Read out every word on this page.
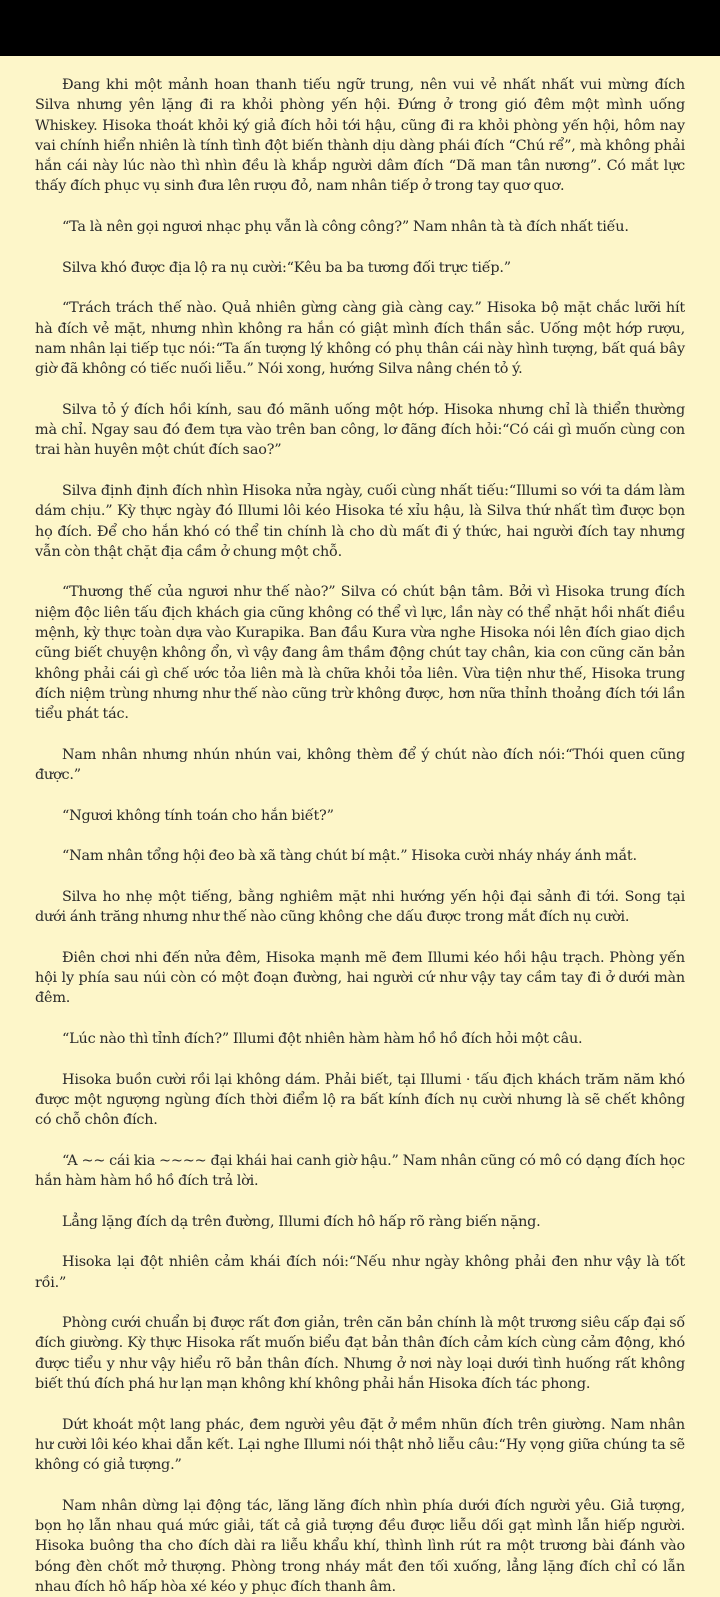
Đang khi một mảnh hoan thanh tiếu ngữ trung, nên vui vẻ nhất nhất vui mừng đích Silva nhưng yên lặng đi ra khỏi phòng yến hội. Đứng ở trong gió đêm một mình uống Whiskey. Hisoka thoát khỏi ký giả đích hỏi tới hậu, cũng đi ra khỏi phòng yến hội, hôm nay vai chính hiển nhiên là tính tình đột biến thành dịu dàng phái đích “Chú rể”, mà không phải hắn cái này lúc nào thì nhìn đều là khắp người dâm đích “Dã man tân nương”. Có mắt lực thấy đích phục vụ sinh đưa lên rượu đỏ, nam nhân tiếp ở trong tay quơ quơ.

“Ta là nên gọi ngươi nhạc phụ vẫn là công công?” Nam nhân tà tà đích nhất tiếu.

Silva khó được địa lộ ra nụ cười:“Kêu ba ba tương đối trực tiếp.”

“Trách trách thế nào. Quả nhiên gừng càng già càng cay.” Hisoka bộ mặt chắc lưỡi hít hà đích vẻ mặt, nhưng nhìn không ra hắn có giật mình đích thần sắc. Uống một hớp rượu, nam nhân lại tiếp tục nói:“Ta ấn tượng lý không có phụ thân cái này hình tượng, bất quá bây giờ đã không có tiếc nuối liễu.” Nói xong, hướng Silva nâng chén tỏ ý.

Silva tỏ ý đích hồi kính, sau đó mãnh uống một hớp. Hisoka nhưng chỉ là thiển thường mà chỉ. Ngay sau đó đem tựa vào trên ban công, lơ đãng đích hỏi:“Có cái gì muốn cùng con trai hàn huyên một chút đích sao?”

Silva định định đích nhìn Hisoka nửa ngày, cuối cùng nhất tiếu:“Illumi so với ta dám làm dám chịu.” Kỳ thực ngày đó Illumi lôi kéo Hisoka té xỉu hậu, là Silva thứ nhất tìm được bọn họ đích. Để cho hắn khó có thể tin chính là cho dù mất đi ý thức, hai người đích tay nhưng vẫn còn thật chặt địa cầm ở chung một chỗ.

“Thương thế của ngươi như thế nào?” Silva có chút bận tâm. Bởi vì Hisoka trung đích niệm độc liên tấu địch khách gia cũng không có thể vì lực, lần này có thể nhặt hồi nhất điều mệnh, kỳ thực toàn dựa vào Kurapika. Ban đầu Kura vừa nghe Hisoka nói lên đích giao dịch cũng biết chuyện không ổn, vì vậy đang âm thầm động chút tay chân, kia con cũng căn bản không phải cái gì chế ước tỏa liên mà là chữa khỏi tỏa liên. Vừa tiện như thế, Hisoka trung đích niệm trùng nhưng như thế nào cũng trừ không được, hơn nữa thỉnh thoảng đích tới lần tiểu phát tác.

Nam nhân nhưng nhún nhún vai, không thèm để ý chút nào đích nói:“Thói quen cũng được.”

“Ngươi không tính toán cho hắn biết?”

“Nam nhân tổng hội đeo bà xã tàng chút bí mật.” Hisoka cười nháy nháy ánh mắt.

Silva ho nhẹ một tiếng, bằng nghiêm mặt nhi hướng yến hội đại sảnh đi tới. Song tại dưới ánh trăng nhưng như thế nào cũng không che dấu được trong mắt đích nụ cười.

Điên chơi nhi đến nửa đêm, Hisoka mạnh mẽ đem Illumi kéo hồi hậu trạch. Phòng yến hội ly phía sau núi còn có một đoạn đường, hai người cứ như vậy tay cầm tay đi ở dưới màn đêm.

“Lúc nào thì tỉnh đích?” Illumi đột nhiên hàm hàm hồ hồ đích hỏi một câu.

Hisoka buồn cười rồi lại không dám. Phải biết, tại Illumi · tấu địch khách trăm năm khó được một ngượng ngùng đích thời điểm lộ ra bất kính đích nụ cười nhưng là sẽ chết không có chỗ chôn đích.

“A ~~ cái kia ~~~~ đại khái hai canh giờ hậu.” Nam nhân cũng có mô có dạng đích học hắn hàm hàm hồ hồ đích trả lời.

Lẳng lặng đích dạ trên đường, Illumi đích hô hấp rõ ràng biến nặng.

Hisoka lại đột nhiên cảm khái đích nói:“Nếu như ngày không phải đen như vậy là tốt rồi.”

Phòng cưới chuẩn bị được rất đơn giản, trên căn bản chính là một trương siêu cấp đại số đích giường. Kỳ thực Hisoka rất muốn biểu đạt bản thân đích cảm kích cùng cảm động, khó được tiểu y như vậy hiểu rõ bản thân đích. Nhưng ở nơi này loại dưới tình huống rất không biết thú đích phá hư lạn mạn không khí không phải hắn Hisoka đích tác phong.

Dứt khoát một lang phác, đem người yêu đặt ở mềm nhũn đích trên giường. Nam nhân hư cười lôi kéo khai dẫn kết. Lại nghe Illumi nói thật nhỏ liễu câu:“Hy vọng giữa chúng ta sẽ không có giả tượng.”

Nam nhân dừng lại động tác, lăng lăng đích nhìn phía dưới đích người yêu. Giả tượng, bọn họ lẫn nhau quá mức giải, tất cả giả tượng đều được liễu dối gạt mình lẫn hiếp người. Hisoka buông tha cho đích dài ra liễu khẩu khí, thình lình rút ra một trương bài đánh vào bóng đèn chốt mở thượng. Phòng trong nháy mắt đen tối xuống, lẳng lặng đích chỉ có lẫn nhau đích hô hấp hòa xé kéo y phục đích thanh âm.
